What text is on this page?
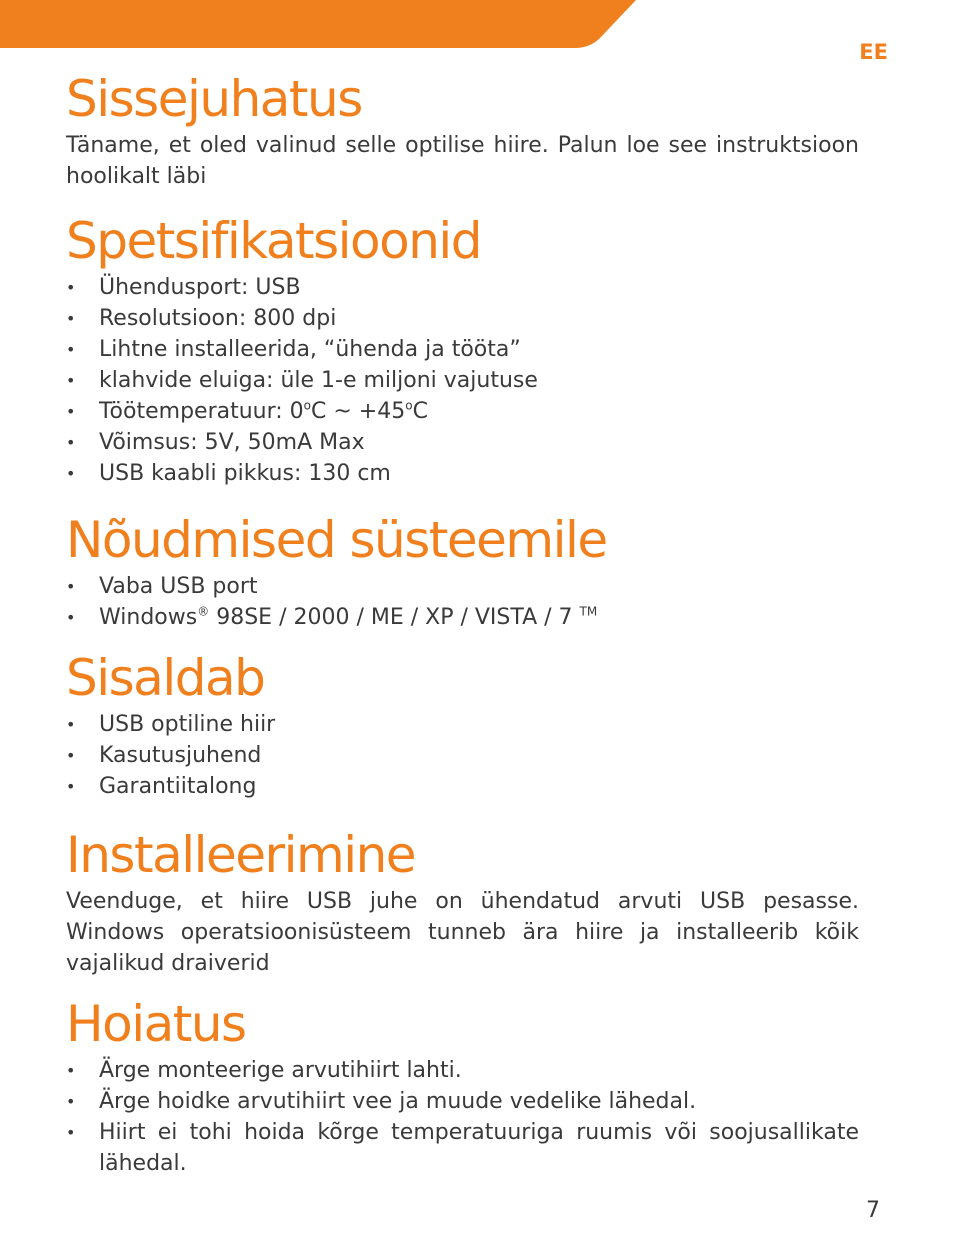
EE
Sissejuhatus

Täname, et oled valinud selle optilise hiire. Palun loe see instruktsioon hoolikalt läbi

Spetsifikatsioonid
• Ühendusport: USB
• Resolutsioon: 800 dpi
• Lihtne installeerida, “ühenda ja tööta”
• klahvide eluiga: üle 1-e miljoni vajutuse
• Töötemperatuur: 0$^o$C ~ $+45^oC$
• Võimsus: 5V, 50mA Max
• USB kaabli pikkus: 130 cm
Nõudmised süsteemile
• Vaba USB port
• Windows® 98SE / 2000 / ME / XP / VISTA / 7 ™
Sisaldab
• USB optiline hiir
• Kasutusjuhend
• Garantiitalong
Installeerimine

Veenduge, et hiire USB juhe on ühendatud arvuti USB pesasse. Windows operatsioonisüsteem tunneb ära hiire ja installeerib kõik vajalikud draiverid

Hoiatus
• Ärge monteerige arvutihiirt lahti.
• Ärge hoidke arvutihiirt vee ja muude vedelike lähedal.
• Hiirt ei tohi hoida kõrge temperatuuriga ruumis või soojusallikate lähedal.
7
